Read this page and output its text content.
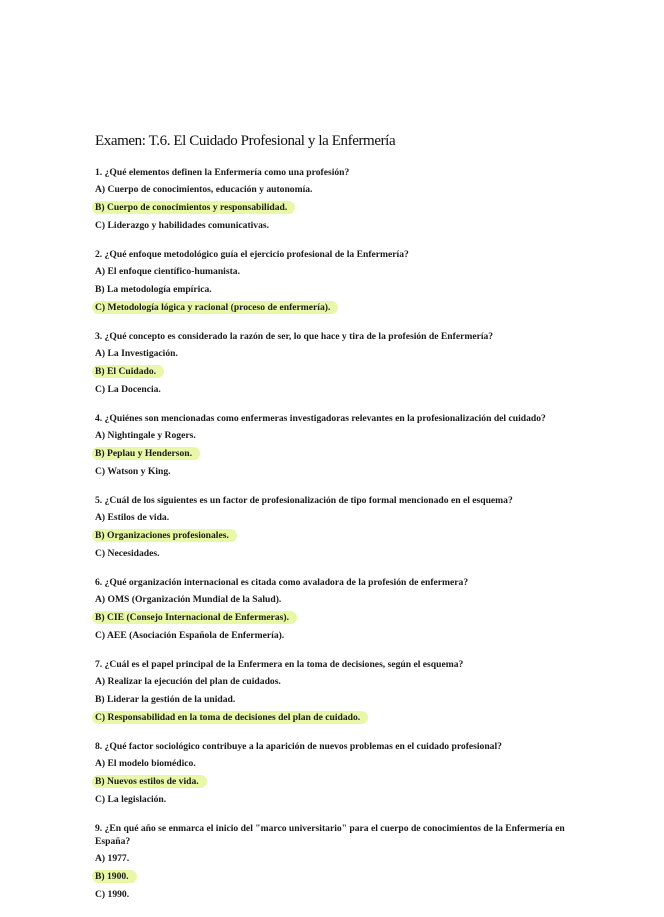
Examen: T.6. El Cuidado Profesional y la Enfermería

1. ¿Qué elementos definen la Enfermería como una profesión?

A) Cuerpo de conocimientos, educación y autonomía.
B) Cuerpo de conocimientos y responsabilidad.
C) Liderazgo y habilidades comunicativas.

2. ¿Qué enfoque metodológico guía el ejercicio profesional de la Enfermería?

A) El enfoque científico-humanista.
B) La metodología empírica.
C) Metodología lógica y racional (proceso de enfermería).

3. ¿Qué concepto es considerado la razón de ser, lo que hace y tira de la profesión de Enfermería?

A) La Investigación.
B) El Cuidado.
C) La Docencia.

4. ¿Quiénes son mencionadas como enfermeras investigadoras relevantes en la profesionalización del cuidado?

A) Nightingale y Rogers.
B) Peplau y Henderson.
C) Watson y King.

5. ¿Cuál de los siguientes es un factor de profesionalización de tipo formal mencionado en el esquema?

A) Estilos de vida.
B) Organizaciones profesionales.
C) Necesidades.

6. ¿Qué organización internacional es citada como avaladora de la profesión de enfermera?

A) OMS (Organización Mundial de la Salud).
B) CIE (Consejo Internacional de Enfermeras).
C) AEE (Asociación Española de Enfermería).

7. ¿Cuál es el papel principal de la Enfermera en la toma de decisiones, según el esquema?

A) Realizar la ejecución del plan de cuidados.
B) Liderar la gestión de la unidad.
C) Responsabilidad en la toma de decisiones del plan de cuidado.

8. ¿Qué factor sociológico contribuye a la aparición de nuevos problemas en el cuidado profesional?

A) El modelo biomédico.
B) Nuevos estilos de vida.
C) La legislación.

9. ¿En qué año se enmarca el inicio del "marco universitario" para el cuerpo de conocimientos de la Enfermería en España?

A) 1977.
B) 1900.
C) 1990.
